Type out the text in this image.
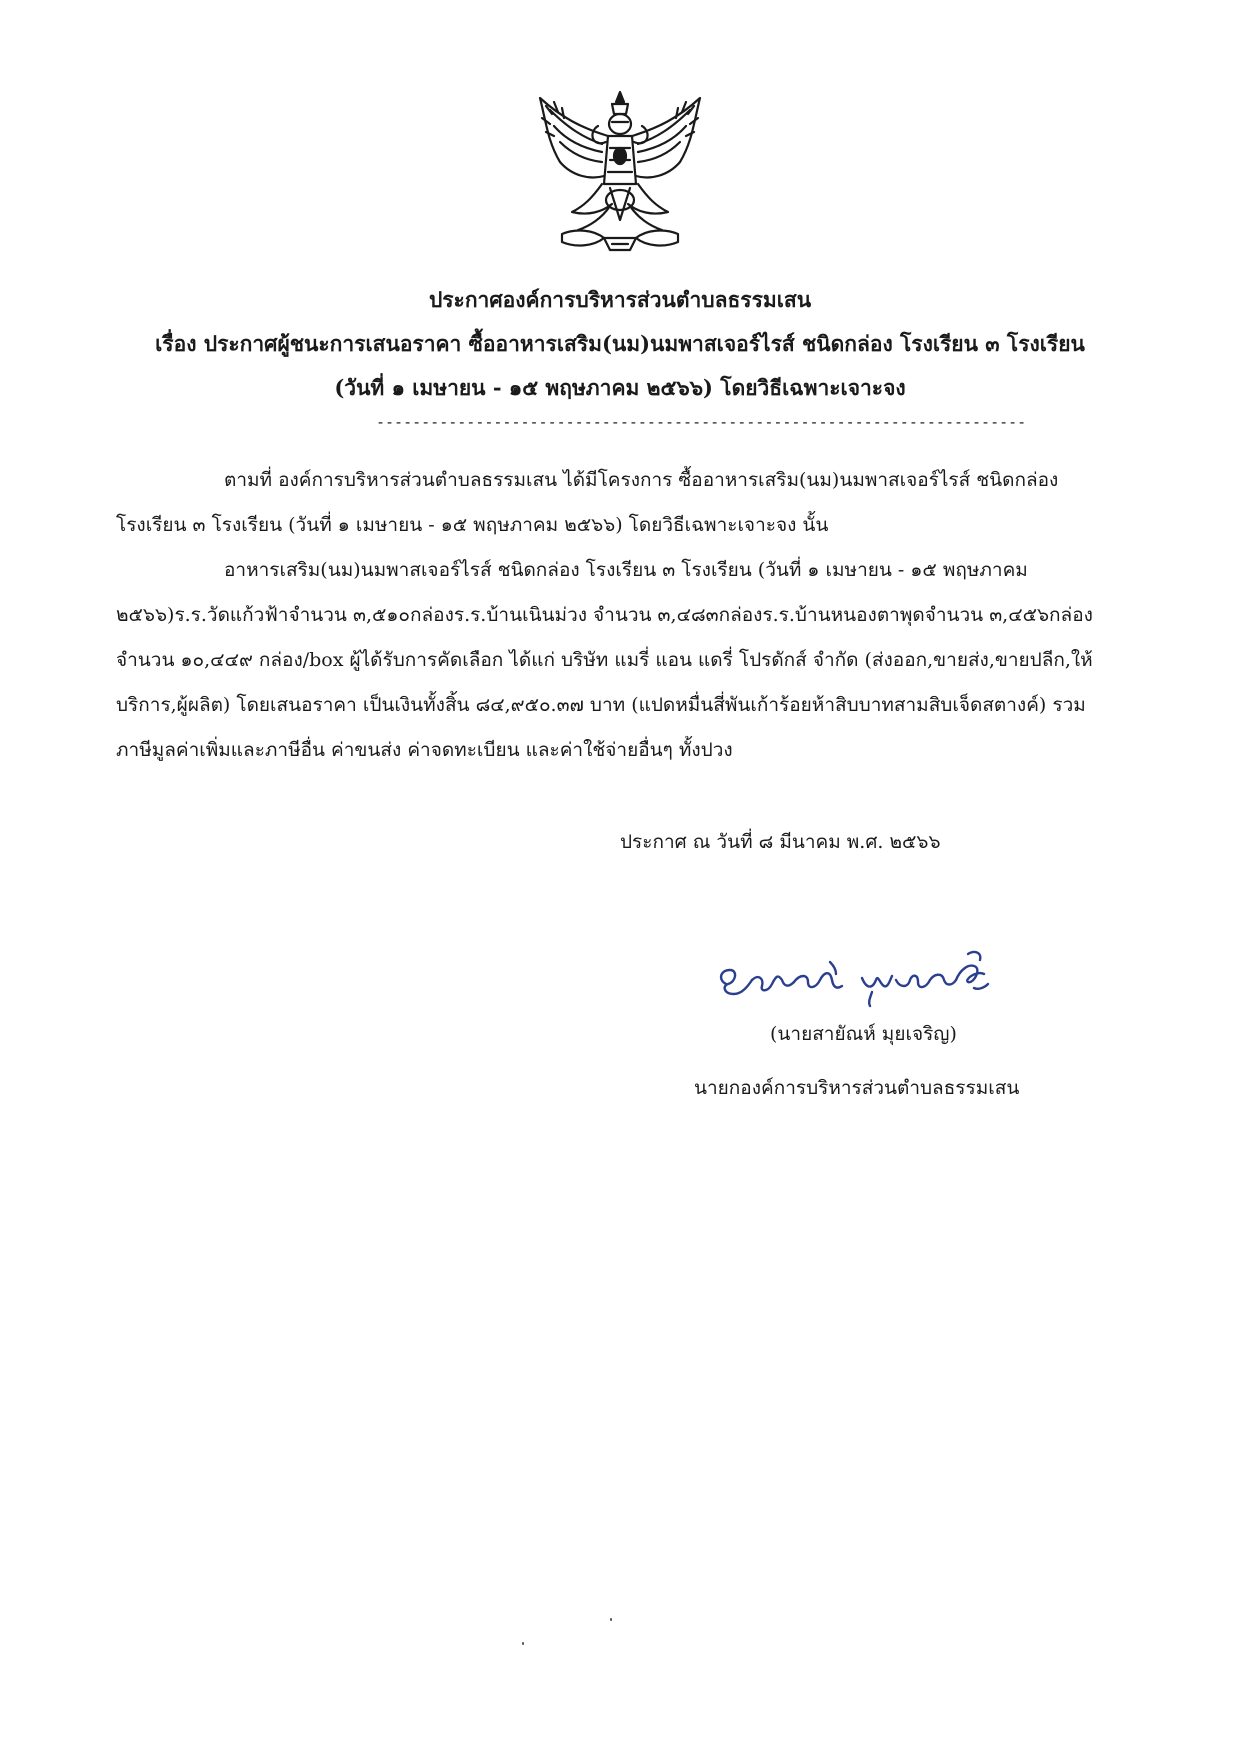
ประกาศองค์การบริหารส่วนตำบลธรรมเสน
เรื่อง ประกาศผู้ชนะการเสนอราคา ซื้ออาหารเสริม(นม)นมพาสเจอร์ไรส์ ชนิดกล่อง โรงเรียน ๓ โรงเรียน
(วันที่ ๑ เมษายน - ๑๕ พฤษภาคม ๒๕๖๖) โดยวิธีเฉพาะเจาะจง
------------------------------------------------------------------------
ตามที่ องค์การบริหารส่วนตำบลธรรมเสน ได้มีโครงการ ซื้ออาหารเสริม(นม)นมพาสเจอร์ไรส์ ชนิดกล่อง โรงเรียน ๓ โรงเรียน (วันที่ ๑ เมษายน - ๑๕ พฤษภาคม ๒๕๖๖) โดยวิธีเฉพาะเจาะจง นั้น
อาหารเสริม(นม)นมพาสเจอร์ไรส์ ชนิดกล่อง โรงเรียน ๓ โรงเรียน (วันที่ ๑ เมษายน - ๑๕ พฤษภาคม ๒๕๖๖)ร.ร.วัดแก้วฟ้าจำนวน ๓,๕๑๐กล่องร.ร.บ้านเนินม่วง จำนวน ๓,๔๘๓กล่องร.ร.บ้านหนองตาพุดจำนวน ๓,๔๕๖กล่อง จำนวน ๑๐,๔๔๙ กล่อง/box ผู้ได้รับการคัดเลือก ได้แก่ บริษัท แมรี่ แอน แดรี่ โปรดักส์ จำกัด (ส่งออก,ขายส่ง,ขายปลีก,ให้บริการ,ผู้ผลิต) โดยเสนอราคา เป็นเงินทั้งสิ้น ๘๔,๙๕๐.๓๗ บาท (แปดหมื่นสี่พันเก้าร้อยห้าสิบบาทสามสิบเจ็ดสตางค์) รวมภาษีมูลค่าเพิ่มและภาษีอื่น ค่าขนส่ง ค่าจดทะเบียน และค่าใช้จ่ายอื่นๆ ทั้งปวง
ประกาศ ณ วันที่ ๘ มีนาคม พ.ศ. ๒๕๖๖
(นายสายัณห์ มุยเจริญ)
นายกองค์การบริหารส่วนตำบลธรรมเสน
